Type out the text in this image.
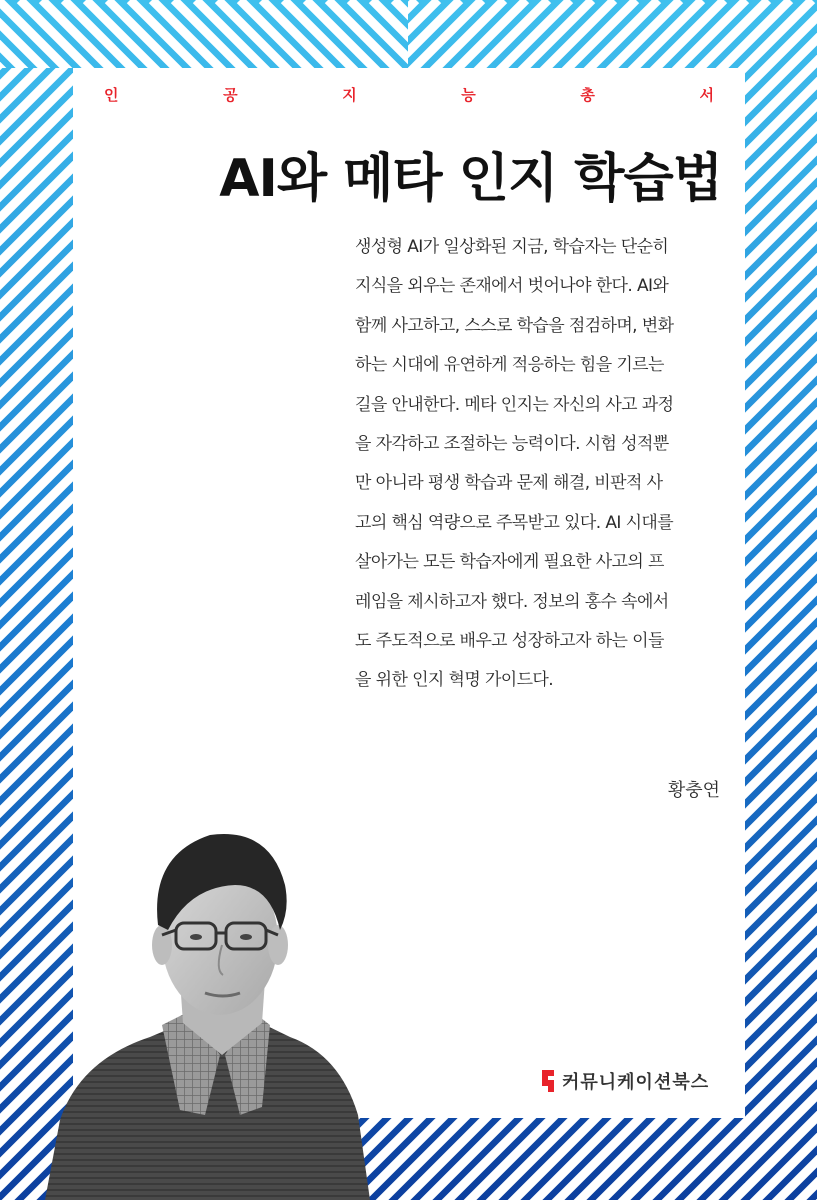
인	공	지	능	총	서
AI와 메타 인지 학습법

생성형 AI가 일상화된 지금, 학습자는 단순히
지식을 외우는 존재에서 벗어나야 한다. AI와
함께 사고하고, 스스로 학습을 점검하며, 변화
하는 시대에 유연하게 적응하는 힘을 기르는
길을 안내한다. 메타 인지는 자신의 사고 과정
을 자각하고 조절하는 능력이다. 시험 성적뿐
만 아니라 평생 학습과 문제 해결, 비판적 사
고의 핵심 역량으로 주목받고 있다. AI 시대를
살아가는 모든 학습자에게 필요한 사고의 프
레임을 제시하고자 했다. 정보의 홍수 속에서
도 주도적으로 배우고 성장하고자 하는 이들
을 위한 인지 혁명 가이드다.

황충연
커뮤니케이션북스
